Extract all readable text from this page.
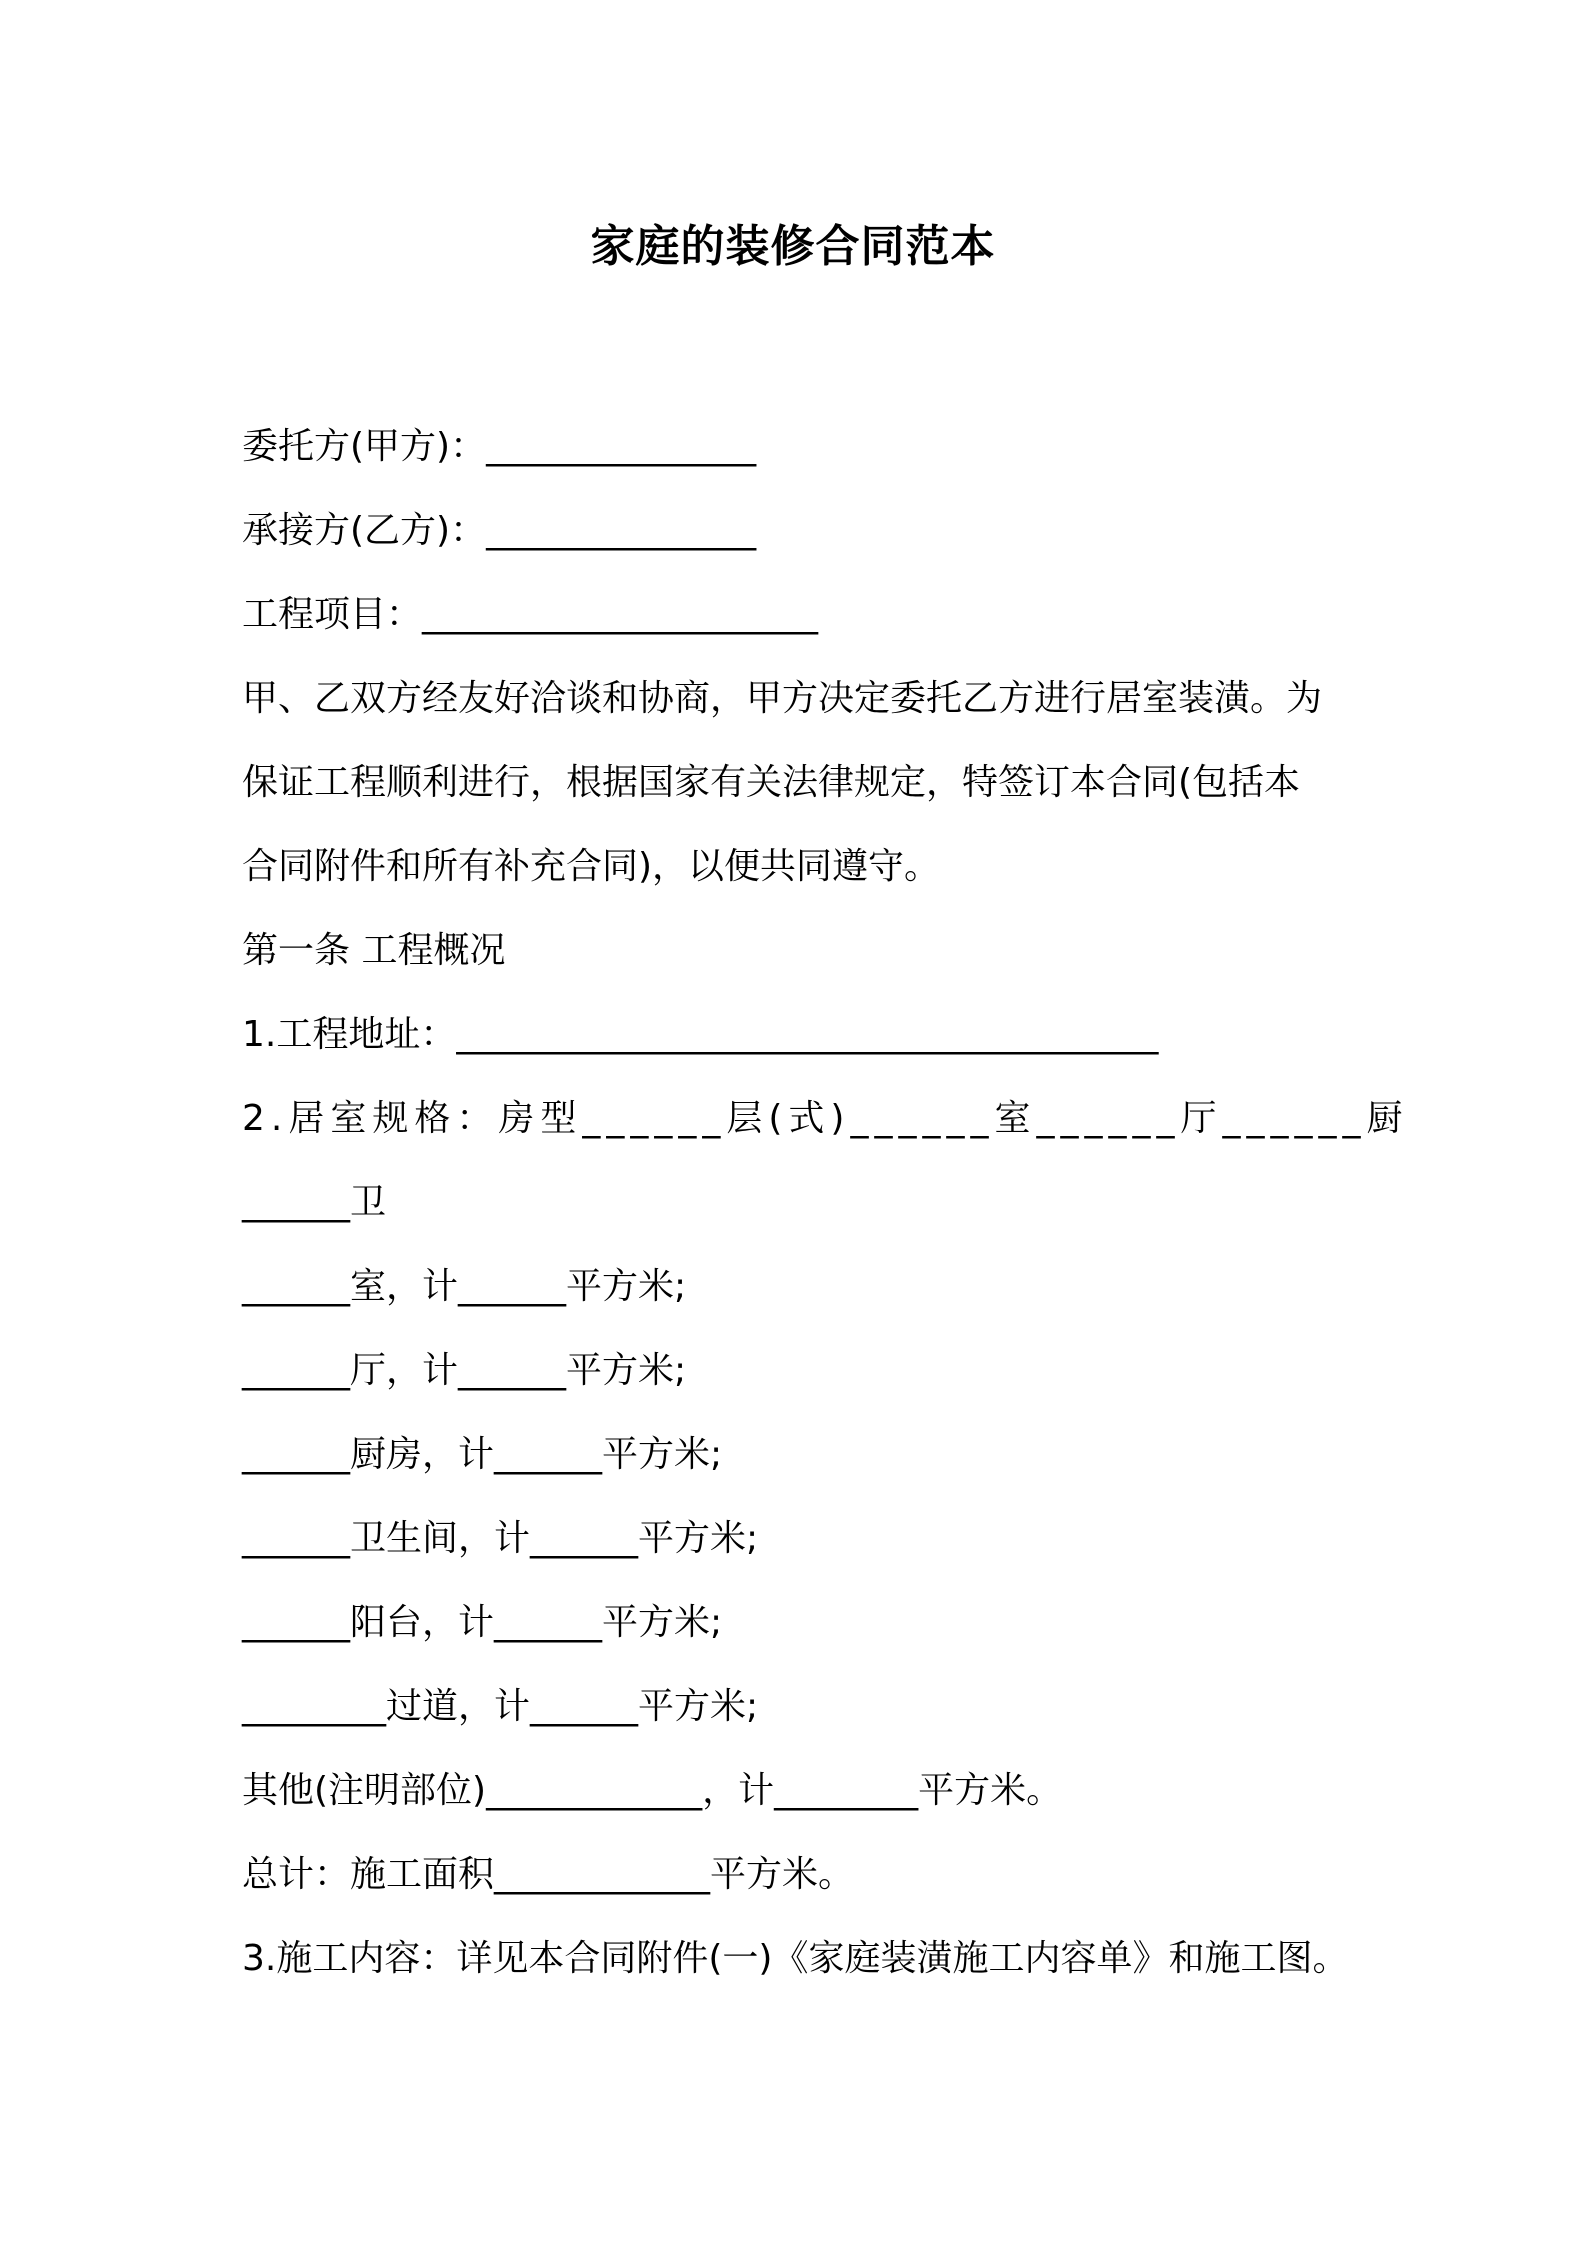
家庭的装修合同范本
委托方(甲方)：_______________
承接方(乙方)：_______________
工程项目：______________________
甲、乙双方经友好洽谈和协商，甲方决定委托乙方进行居室装潢。为
保证工程顺利进行，根据国家有关法律规定，特签订本合同(包括本
合同附件和所有补充合同)，以便共同遵守。
第一条 工程概况
1.工程地址：_______________________________________
2.居室规格：房型______层(式)______室______厅______厨
______卫
______室，计______平方米;
______厅，计______平方米;
______厨房，计______平方米;
______卫生间，计______平方米;
______阳台，计______平方米;
________过道，计______平方米;
其他(注明部位)____________，计________平方米。
总计：施工面积____________平方米。
3.施工内容：详见本合同附件(一)《家庭装潢施工内容单》和施工图。
